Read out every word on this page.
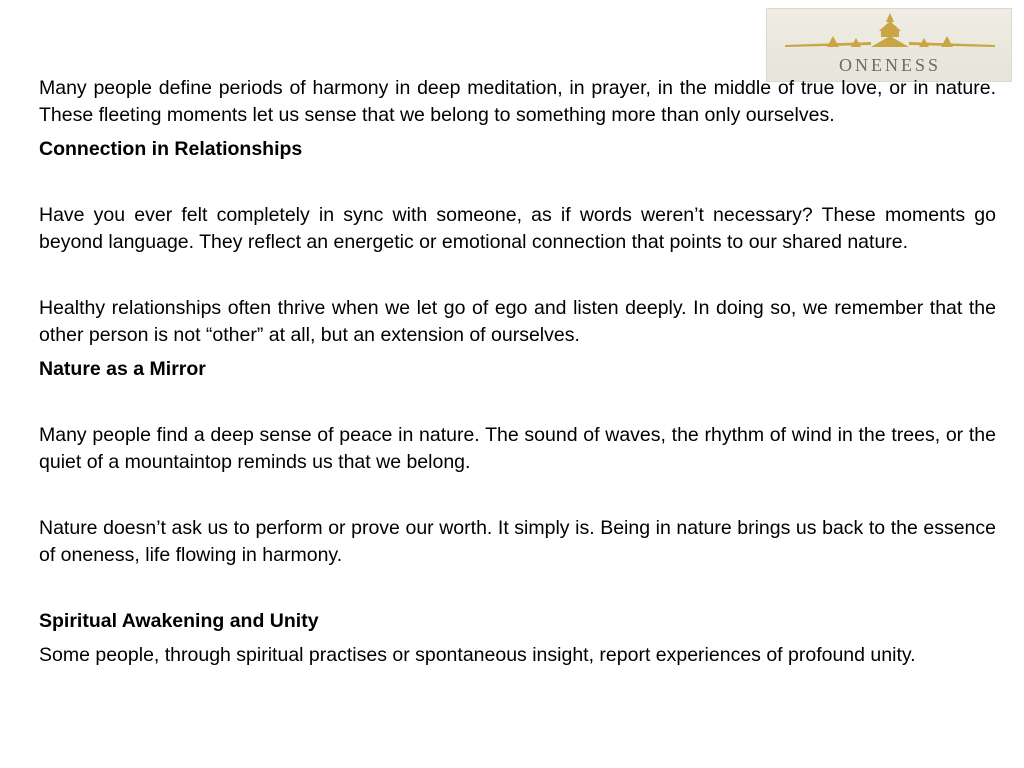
ONENESS

Many people define periods of harmony in deep meditation, in prayer, in the middle of true love, or in nature. These fleeting moments let us sense that we belong to something more than only ourselves.

Connection in Relationships

Have you ever felt completely in sync with someone, as if words weren’t necessary? These moments go beyond language. They reflect an energetic or emotional connection that points to our shared nature.

Healthy relationships often thrive when we let go of ego and listen deeply. In doing so, we remember that the other person is not “other” at all, but an extension of ourselves.

Nature as a Mirror

Many people find a deep sense of peace in nature. The sound of waves, the rhythm of wind in the trees, or the quiet of a mountaintop reminds us that we belong.

Nature doesn’t ask us to perform or prove our worth. It simply is. Being in nature brings us back to the essence of oneness, life flowing in harmony.

Spiritual Awakening and Unity

Some people, through spiritual practises or spontaneous insight, report experiences of profound unity.
